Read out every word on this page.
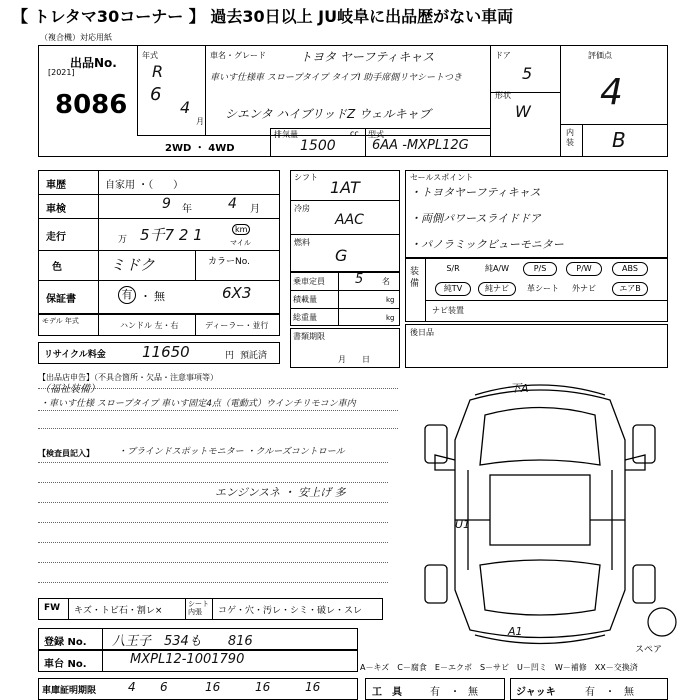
【 トレタマ30コーナー 】 過去30日以上 JU岐阜に出品歴がない車両
（複合機）対応用紙
出品No.
[2021]
8086
年式
R
6
4
月
車名・グレード	トヨタ ヤーフティキャス
車いす仕様車 スロープタイプ タイプⅠ 助手席側リヤシートつき
シエンタ ハイブリッドZ ウェルキャブ
2WD ・ 4WD
排気量	cc
1500
型式
6AA -MXPL12G
ドア
5
形状
W
評価点
4
内装 B
車歴	自家用 ・（　　）
車検	9 年	4 月
走行	万 5千7 2 1	km
マイル
色	ミドク	カラーNo.
6X3
保証書	有 ・ 無
モデル 年式	ハンドル 左・右	ディーラー・並行
リサイクル料金 11650	円 預託済
シフト
1AT
冷房
AAC
燃料
G
乗車定員 5 名
積載量	kg
総重量	kg
書類期限
月　　日
セールスポイント
・トヨタヤーフティキャス
・両側パワースライドドア
・パノラミックビューモニター
装備
S/R	純A/W	P/S	P/W	ABS
純TV	純ナビ	革シート	外ナビ	エアB
ナビ装置
後日品
【出品店申告】（不具合箇所・欠品・注意事項等）
（福祉装備）
・車いす仕様 スロープタイプ 車いす固定4点（電動式）ウインチリモコン車内
【検査員記入】	・ブラインドスポットモニター ・クルーズコントロール
エンジンスネ ・ 安上げ 多
下A
U1
A1
スペア
FW キズ・トビ石・割レ×
シート 内張	コゲ・穴・汚レ・シミ・破レ・スレ
登録 No. 八王子　534も　　816
車台 No.	MXPL12-1001790
A－キズ　C－腐食　E－エクボ　S－サビ　U－凹ミ　W－補修　XX－交換済
車庫証明期限	4 6	16	16	16	工　具	有 ・ 無	ジャッキ	有 ・ 無
